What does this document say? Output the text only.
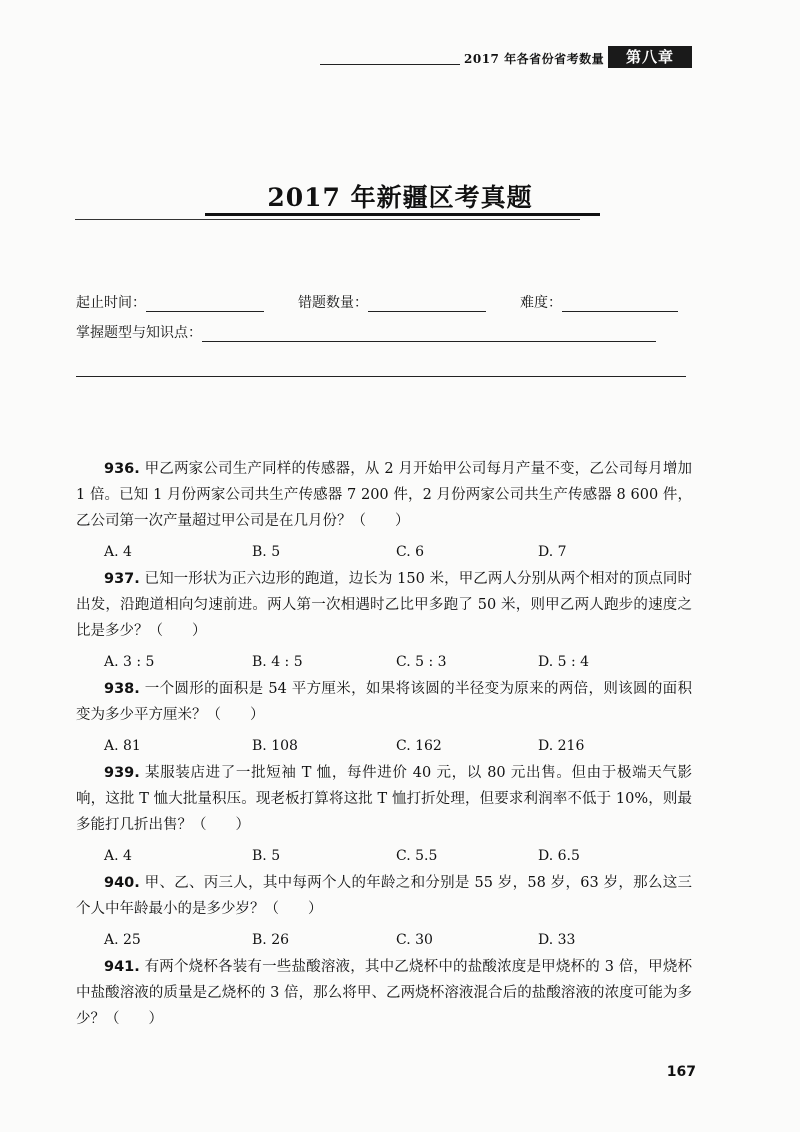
2017 年各省份省考数量	第八章
2017 年新疆区考真题
起止时间：	错题数量：	难度：
掌握题型与知识点：

936. 甲乙两家公司生产同样的传感器，从 2 月开始甲公司每月产量不变，乙公司每月增加 1 倍。已知 1 月份两家公司共生产传感器 7 200 件，2 月份两家公司共生产传感器 8 600 件，乙公司第一次产量超过甲公司是在几月份？（　　）

A. 4	B. 5	C. 6	D. 7

937. 已知一形状为正六边形的跑道，边长为 150 米，甲乙两人分别从两个相对的顶点同时出发，沿跑道相向匀速前进。两人第一次相遇时乙比甲多跑了 50 米，则甲乙两人跑步的速度之比是多少？（　　）

A. 3 : 5	B. 4 : 5	C. 5 : 3	D. 5 : 4

938. 一个圆形的面积是 54 平方厘米，如果将该圆的半径变为原来的两倍，则该圆的面积变为多少平方厘米？（　　）

A. 81	B. 108	C. 162	D. 216

939. 某服装店进了一批短袖 T 恤，每件进价 40 元，以 80 元出售。但由于极端天气影响，这批 T 恤大批量积压。现老板打算将这批 T 恤打折处理，但要求利润率不低于 10%，则最多能打几折出售？（　　）

A. 4	B. 5	C. 5.5	D. 6.5

940. 甲、乙、丙三人，其中每两个人的年龄之和分别是 55 岁，58 岁，63 岁，那么这三个人中年龄最小的是多少岁？（　　）

A. 25	B. 26	C. 30	D. 33

941. 有两个烧杯各装有一些盐酸溶液，其中乙烧杯中的盐酸浓度是甲烧杯的 3 倍，甲烧杯中盐酸溶液的质量是乙烧杯的 3 倍，那么将甲、乙两烧杯溶液混合后的盐酸溶液的浓度可能为多少？（　　）

167
